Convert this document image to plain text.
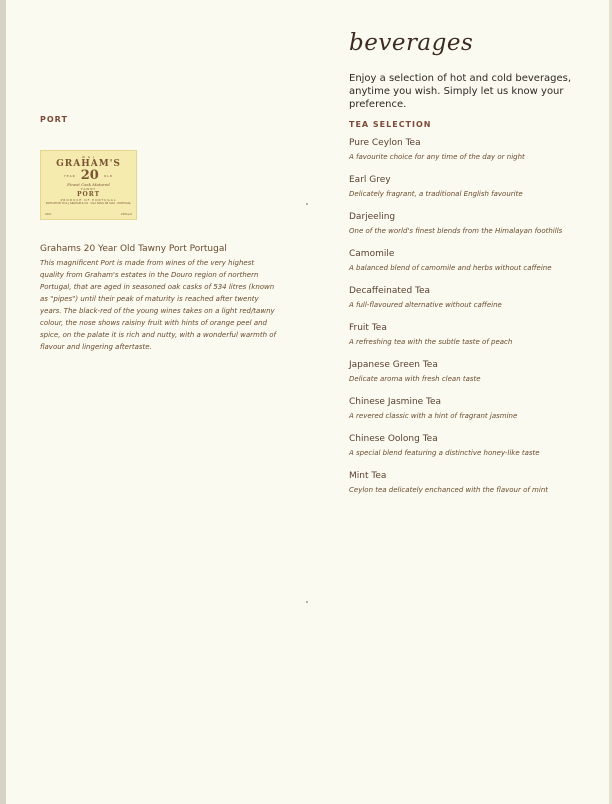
beverages
Enjoy a selection of hot and cold beverages, anytime you wish. Simply let us know your preference.
PORT
W & J
GRAHAM'S
YEAR 20 OLD
Finest Cask Matured
TAWNY
PORT
PRODUCE OF PORTUGAL
BOTTLED BY W & J GRAHAM & CO · VILA NOVA DE GAIA · PORTUGAL
20cl	20%vol
Grahams 20 Year Old Tawny Port Portugal
This magnificent Port is made from wines of the very highest quality from Graham's estates in the Douro region of northern Portugal, that are aged in seasoned oak casks of 534 litres (known as "pipes") until their peak of maturity is reached after twenty years. The black-red of the young wines takes on a light red/tawny colour, the nose shows raisiny fruit with hints of orange peel and spice, on the palate it is rich and nutty, with a wonderful warmth of flavour and lingering aftertaste.
TEA SELECTION
Pure Ceylon Tea
A favourite choice for any time of the day or night
Earl Grey
Delicately fragrant, a traditional English favourite
Darjeeling
One of the world's finest blends from the Himalayan foothills
Camomile
A balanced blend of camomile and herbs without caffeine
Decaffeinated Tea
A full-flavoured alternative without caffeine
Fruit Tea
A refreshing tea with the subtle taste of peach
Japanese Green Tea
Delicate aroma with fresh clean taste
Chinese Jasmine Tea
A revered classic with a hint of fragrant jasmine
Chinese Oolong Tea
A special blend featuring a distinctive honey-like taste
Mint Tea
Ceylon tea delicately enchanced with the flavour of mint
